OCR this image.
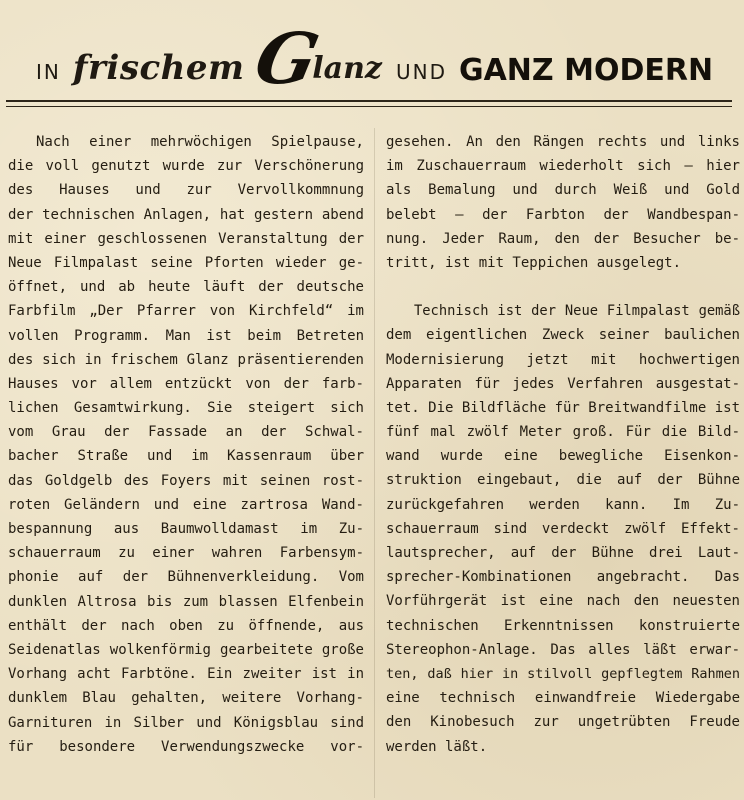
IN frischem G
lanz UND GANZ MODERN
Nach einer mehrwöchigen Spielpause,
die voll genutzt wurde zur Verschönerung
des Hauses und zur Vervollkommnung
der technischen Anlagen, hat gestern abend
mit einer geschlossenen Veranstaltung der
Neue Filmpalast seine Pforten wieder ge-
öffnet, und ab heute läuft der deutsche
Farbfilm „Der Pfarrer von Kirchfeld“ im
vollen Programm. Man ist beim Betreten
des sich in frischem Glanz präsentierenden
Hauses vor allem entzückt von der farb-
lichen Gesamtwirkung. Sie steigert sich
vom Grau der Fassade an der Schwal-
bacher Straße und im Kassenraum über
das Goldgelb des Foyers mit seinen rost-
roten Geländern und eine zartrosa Wand-
bespannung aus Baumwolldamast im Zu-
schauerraum zu einer wahren Farbensym-
phonie auf der Bühnenverkleidung. Vom
dunklen Altrosa bis zum blassen Elfenbein
enthält der nach oben zu öffnende, aus
Seidenatlas wolkenförmig gearbeitete große
Vorhang acht Farbtöne. Ein zweiter ist in
dunklem Blau gehalten, weitere Vorhang-
Garnituren in Silber und Königsblau sind
für besondere Verwendungszwecke vor-
gesehen. An den Rängen rechts und links
im Zuschauerraum wiederholt sich — hier
als Bemalung und durch Weiß und Gold
belebt — der Farbton der Wandbespan-
nung. Jeder Raum, den der Besucher be-
tritt, ist mit Teppichen ausgelegt.
Technisch ist der Neue Filmpalast gemäß
dem eigentlichen Zweck seiner baulichen
Modernisierung jetzt mit hochwertigen
Apparaten für jedes Verfahren ausgestat-
tet. Die Bildfläche für Breitwandfilme ist
fünf mal zwölf Meter groß. Für die Bild-
wand wurde eine bewegliche Eisenkon-
struktion eingebaut, die auf der Bühne
zurückgefahren werden kann. Im Zu-
schauerraum sind verdeckt zwölf Effekt-
lautsprecher, auf der Bühne drei Laut-
sprecher-Kombinationen angebracht. Das
Vorführgerät ist eine nach den neuesten
technischen Erkenntnissen konstruierte
Stereophon-Anlage. Das alles läßt erwar-
ten, daß hier in stilvoll gepflegtem Rahmen
eine technisch einwandfreie Wiedergabe
den Kinobesuch zur ungetrübten Freude
werden läßt.
